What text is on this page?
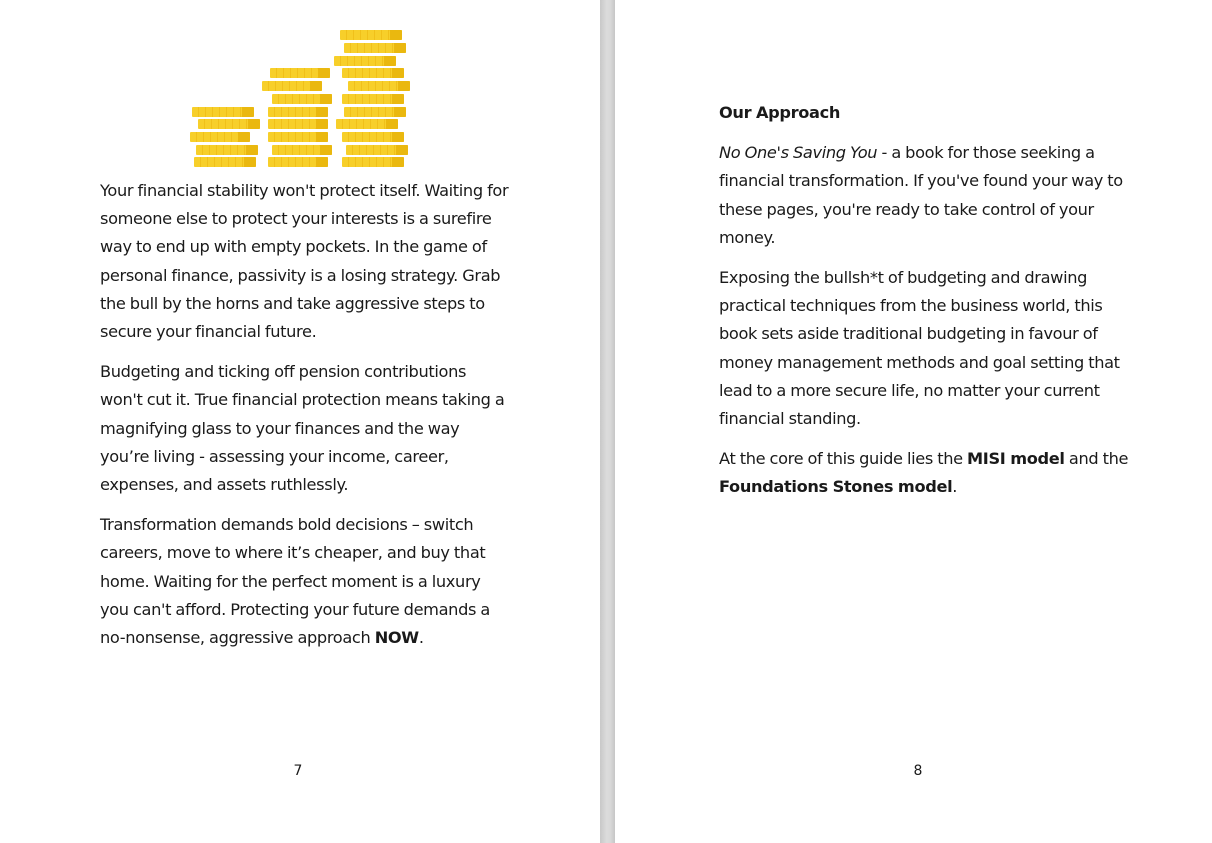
Your financial stability won't protect itself. Waiting for someone else to protect your interests is a surefire way to end up with empty pockets. In the game of personal finance, passivity is a losing strategy. Grab the bull by the horns and take aggressive steps to secure your financial future.

Budgeting and ticking off pension contributions won't cut it. True financial protection means taking a magnifying glass to your finances and the way you’re living - assessing your income, career, expenses, and assets ruthlessly.

Transformation demands bold decisions – switch careers, move to where it’s cheaper, and buy that home. Waiting for the perfect moment is a luxury you can't afford. Protecting your future demands a no-nonsense, aggressive approach NOW.

7

Our Approach

No One's Saving You - a book for those seeking a financial transformation. If you've found your way to these pages, you're ready to take control of your money.

Exposing the bullsh*t of budgeting and drawing practical techniques from the business world, this book sets aside traditional budgeting in favour of money management methods and goal setting that lead to a more secure life, no matter your current financial standing.

At the core of this guide lies the MISI model and the Foundations Stones model.

8
